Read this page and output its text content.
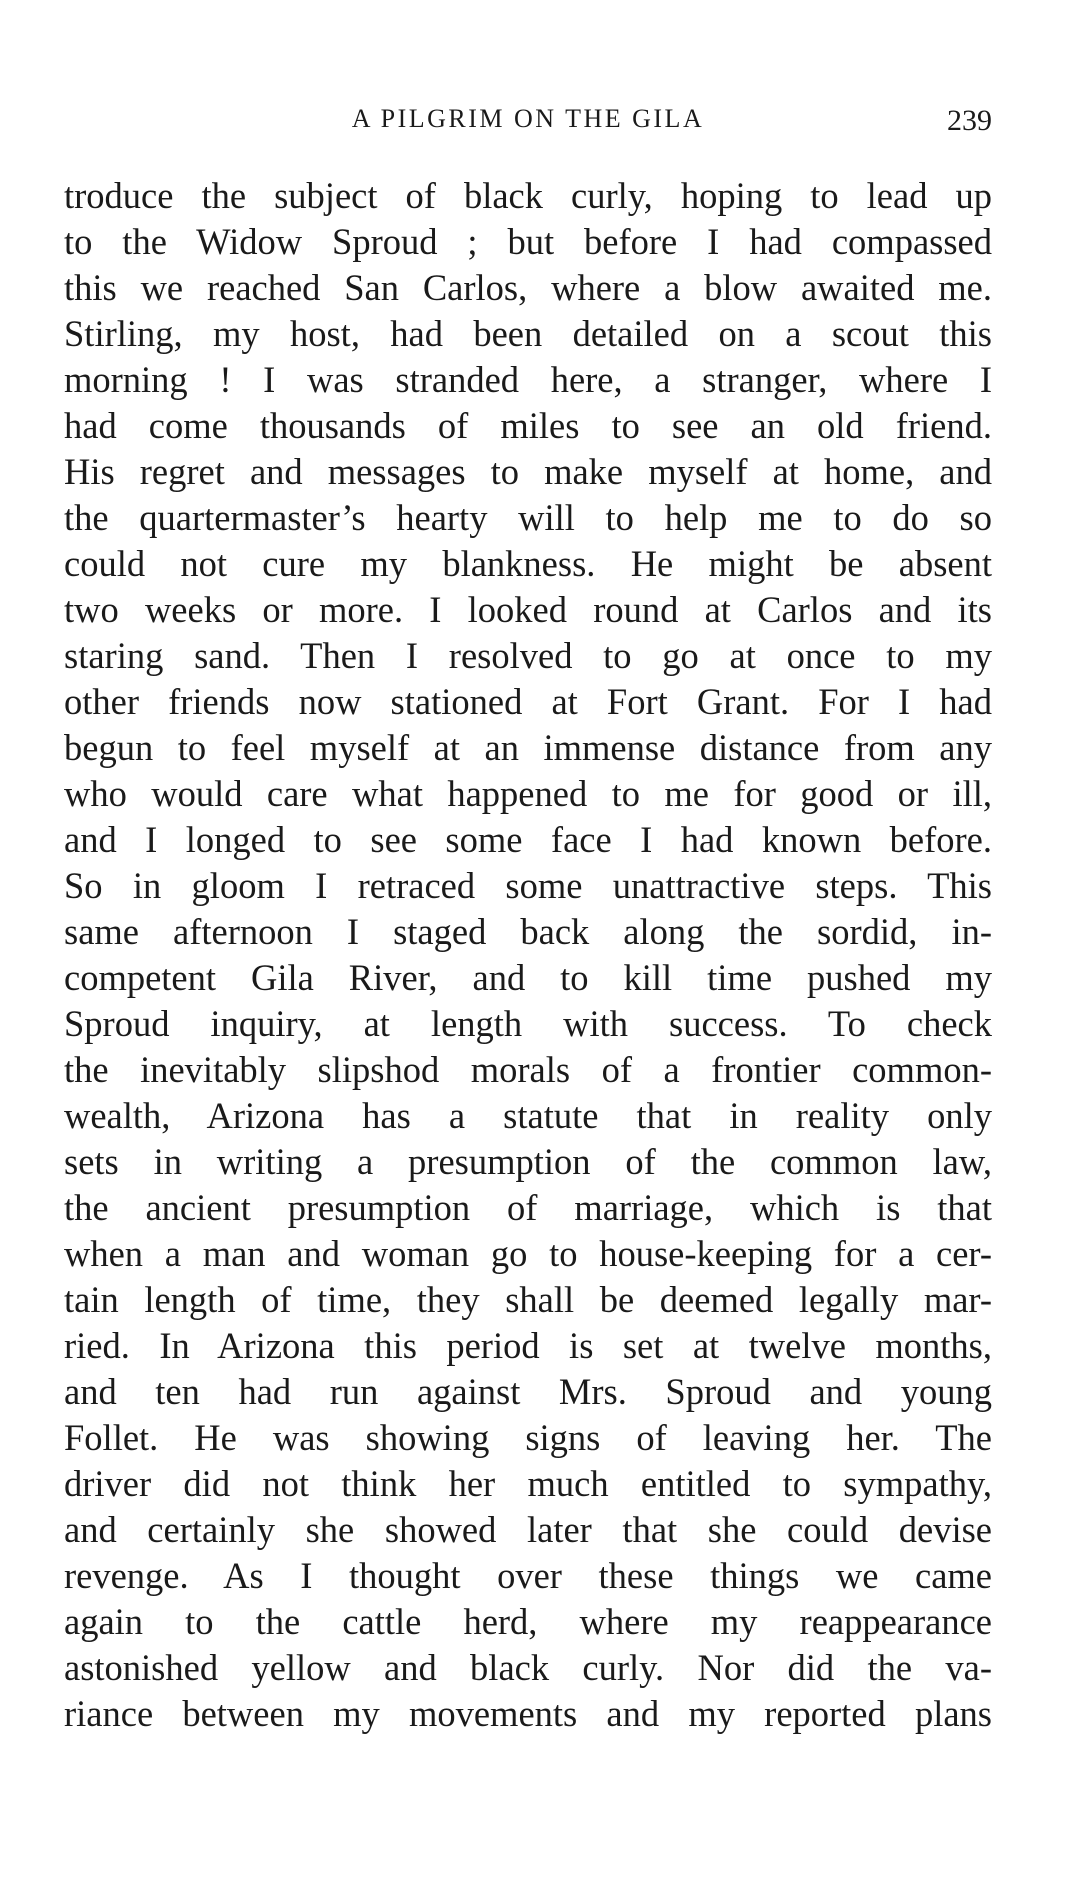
A PILGRIM ON THE GILA	239
troduce the subject of black curly, hoping to lead up
to the Widow Sproud ; but before I had compassed
this we reached San Carlos, where a blow awaited me.
Stirling, my host, had been detailed on a scout this
morning ! I was stranded here, a stranger, where I
had come thousands of miles to see an old friend.
His regret and messages to make myself at home, and
the quartermaster’s hearty will to help me to do so
could not cure my blankness. He might be absent
two weeks or more. I looked round at Carlos and its
staring sand. Then I resolved to go at once to my
other friends now stationed at Fort Grant. For I had
begun to feel myself at an immense distance from any
who would care what happened to me for good or ill,
and I longed to see some face I had known before.
So in gloom I retraced some unattractive steps. This
same afternoon I staged back along the sordid, in-
competent Gila River, and to kill time pushed my
Sproud inquiry, at length with success. To check
the inevitably slipshod morals of a frontier common-
wealth, Arizona has a statute that in reality only
sets in writing a presumption of the common law,
the ancient presumption of marriage, which is that
when a man and woman go to house-keeping for a cer-
tain length of time, they shall be deemed legally mar-
ried. In Arizona this period is set at twelve months,
and ten had run against Mrs. Sproud and young
Follet. He was showing signs of leaving her. The
driver did not think her much entitled to sympathy,
and certainly she showed later that she could devise
revenge. As I thought over these things we came
again to the cattle herd, where my reappearance
astonished yellow and black curly. Nor did the va-
riance between my movements and my reported plans
